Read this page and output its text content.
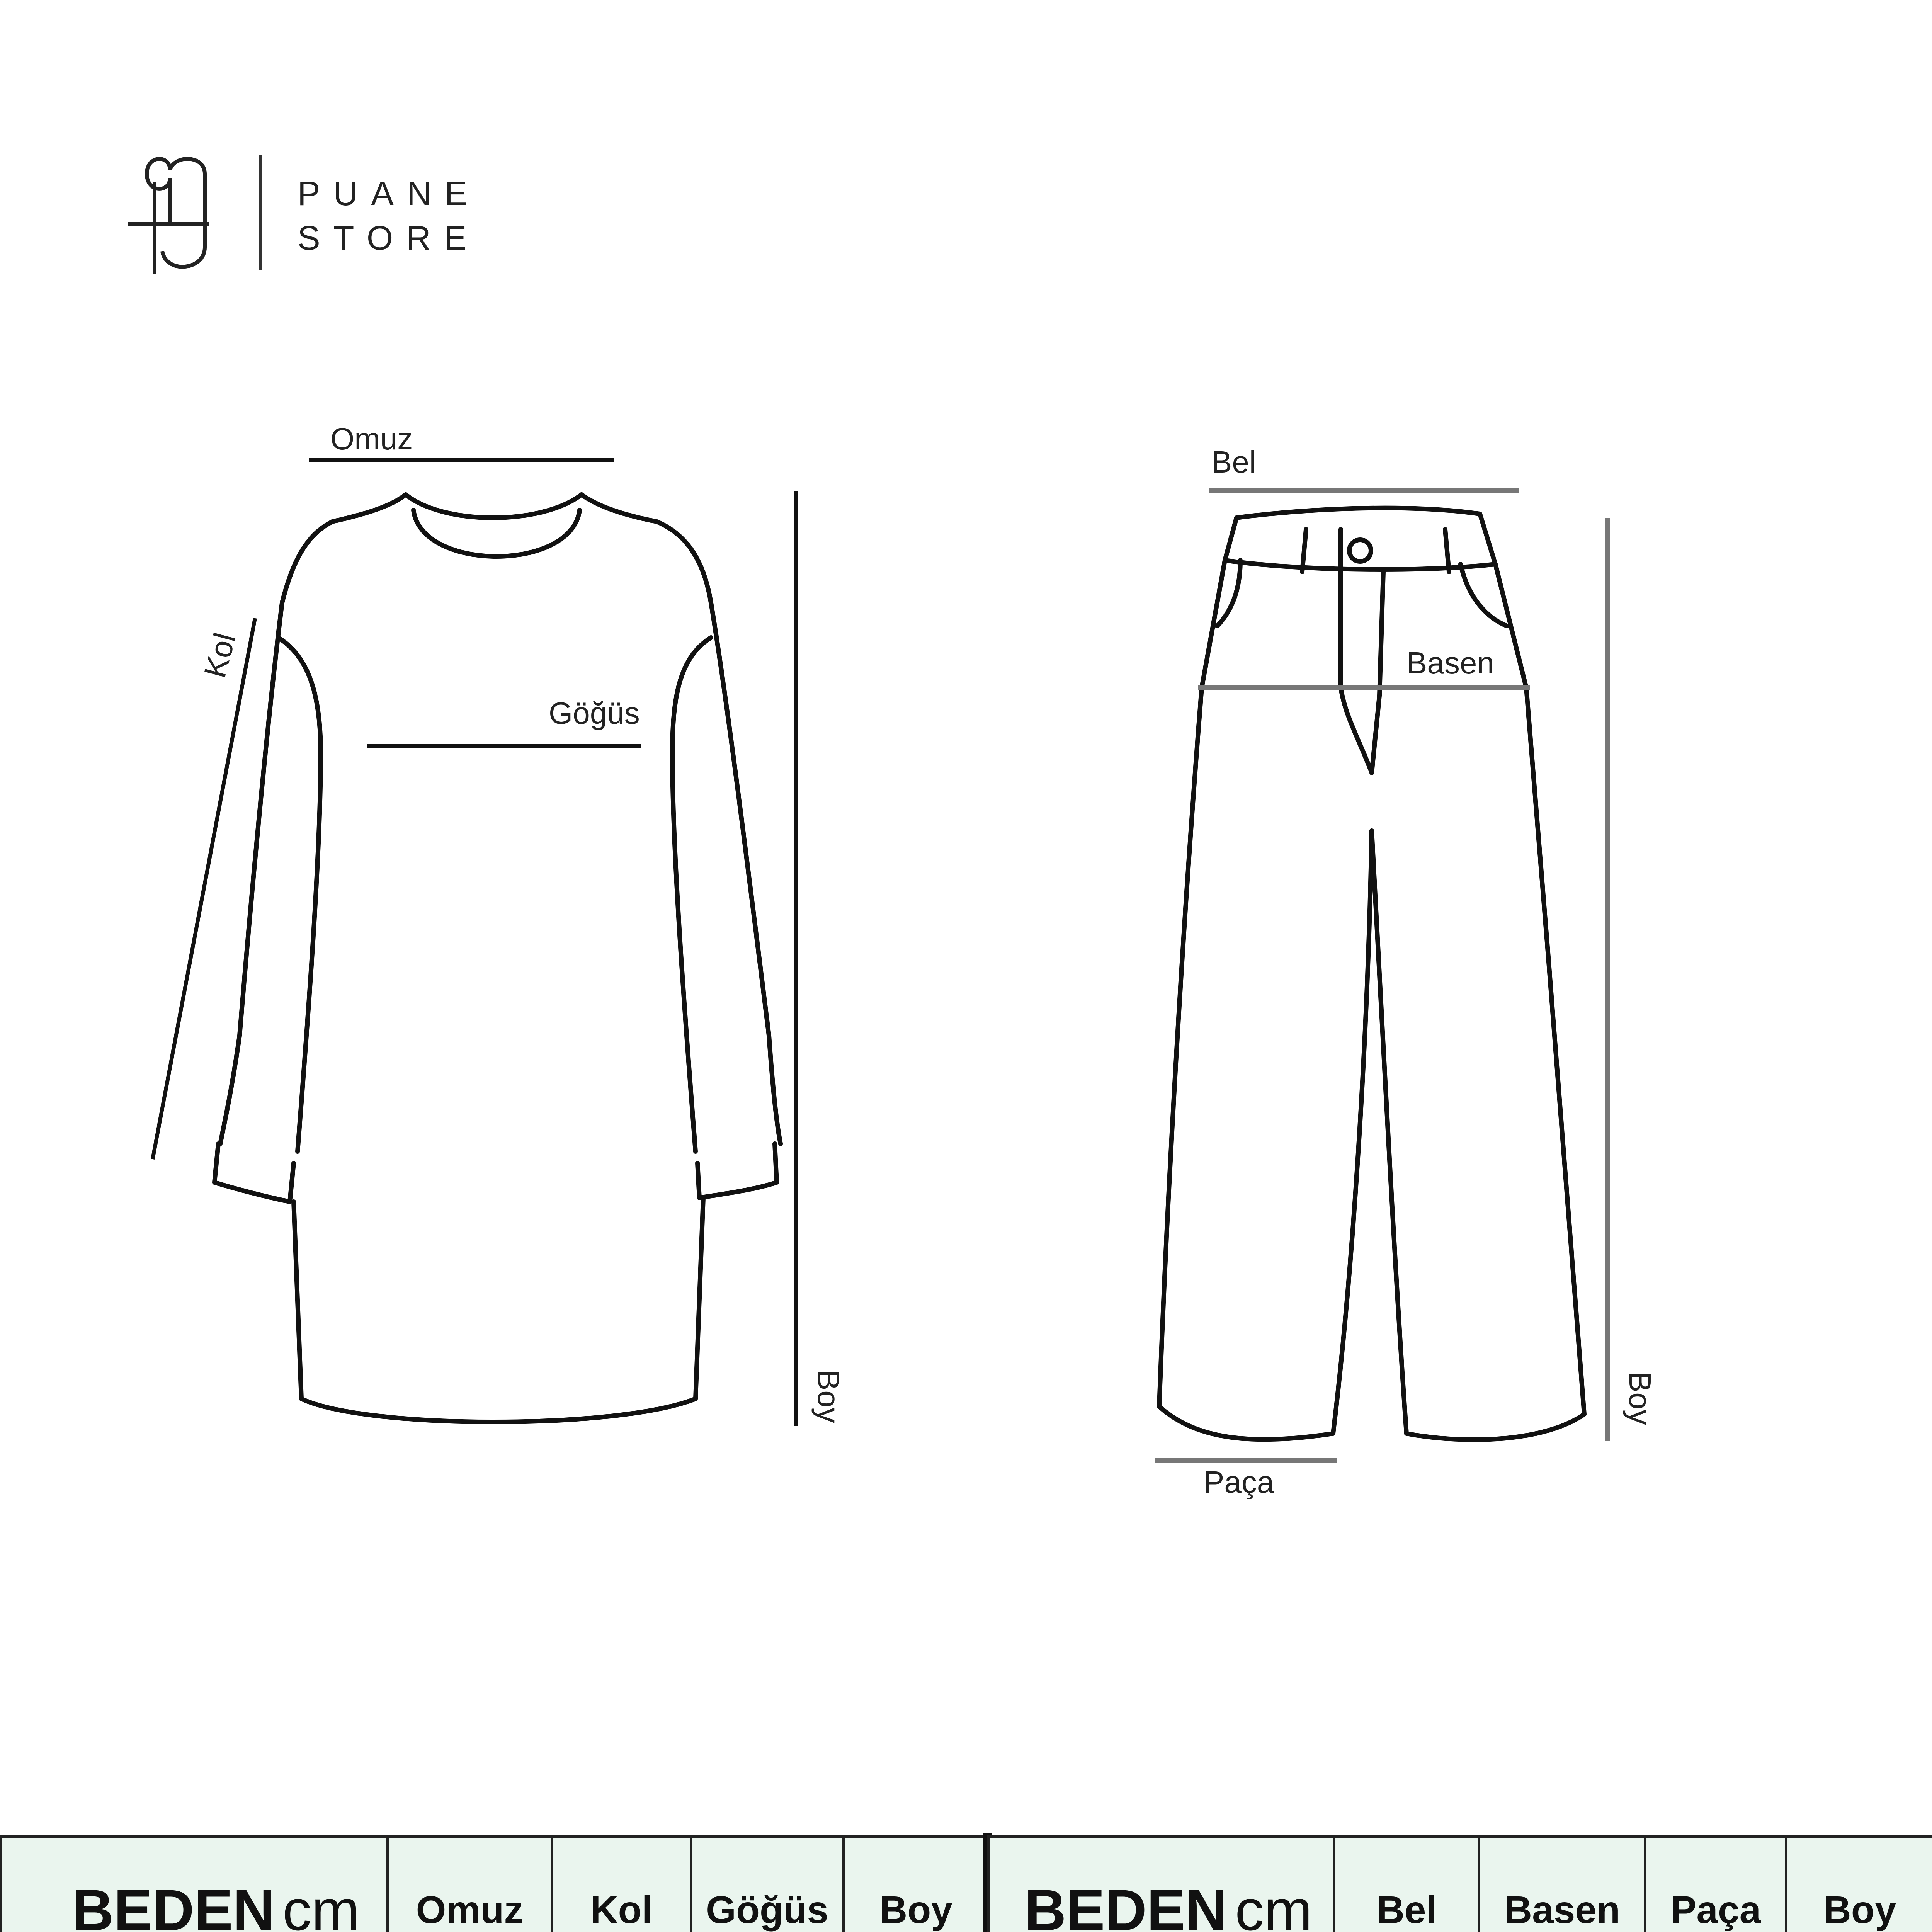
PUANE
STORE
Omuz
Kol
Göğüs
Boy
Bel
Basen
Paça
Boy
BEDEN cm	Omuz	Kol	Göğüs	Boy

				BEDEN cm	Bel	Basen	Paça	Boy
